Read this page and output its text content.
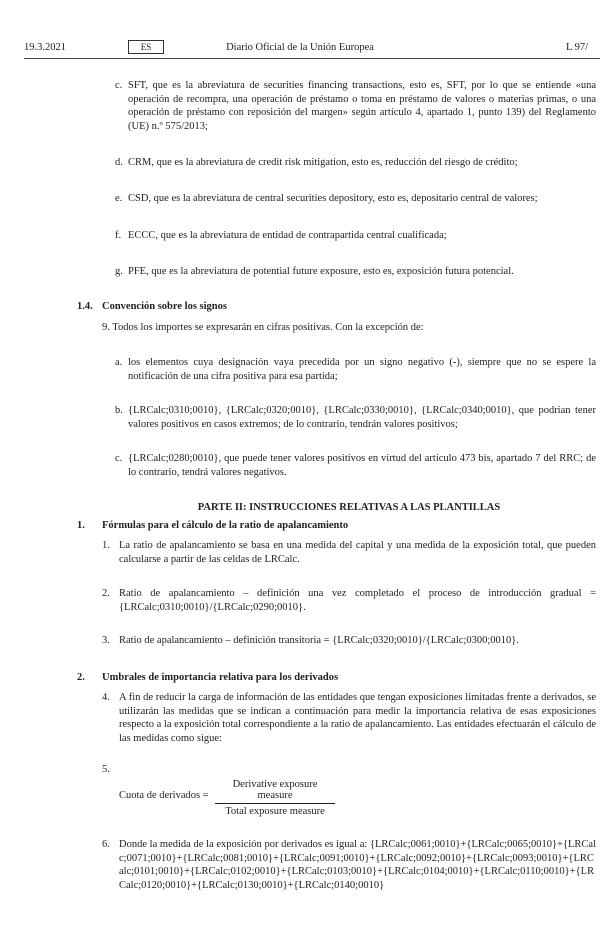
19.3.2021	ES	Diario Oficial de la Unión Europea	L 97/
c. SFT, que es la abreviatura de securities financing transactions, esto es, SFT, por lo que se entiende «una operación de recompra, una operación de préstamo o toma en préstamo de valores o materias primas, o una operación de préstamo con reposición del margen» según artículo 4, apartado 1, punto 139) del Reglamento (UE) n.º 575/2013;
d. CRM, que es la abreviatura de credit risk mitigation, esto es, reducción del riesgo de crédito;
e. CSD, que es la abreviatura de central securities depository, esto es, depositario central de valores;
f. ECCC, que es la abreviatura de entidad de contrapartida central cualificada;
g. PFE, que es la abreviatura de potential future exposure, esto es, exposición futura potencial.
1.4. Convención sobre los signos
9. Todos los importes se expresarán en cifras positivas. Con la excepción de:
a. los elementos cuya designación vaya precedida por un signo negativo (-), siempre que no se espere la notificación de una cifra positiva para esa partida;
b. {LRCalc;0310;0010}, {LRCalc;0320;0010}, {LRCalc;0330;0010}, {LRCalc;0340;0010}, que podrían tener valores positivos en casos extremos; de lo contrario, tendrán valores positivos;
c. {LRCalc;0280;0010}, que puede tener valores positivos en virtud del artículo 473 bis, apartado 7 del RRC; de lo contrario, tendrá valores negativos.
PARTE II: INSTRUCCIONES RELATIVAS A LAS PLANTILLAS
1. Fórmulas para el cálculo de la ratio de apalancamiento
1. La ratio de apalancamiento se basa en una medida del capital y una medida de la exposición total, que pueden calcularse a partir de las celdas de LRCalc.
2. Ratio de apalancamiento – definición una vez completado el proceso de introducción gradual = {LRCalc;0310;0010}/{LRCalc;0290;0010}.
3. Ratio de apalancamiento – definición transitoria = {LRCalc;0320;0010}/{LRCalc;0300;0010}.
2. Umbrales de importancia relativa para los derivados
4. A fin de reducir la carga de información de las entidades que tengan exposiciones limitadas frente a derivados, se utilizarán las medidas que se indican a continuación para medir la importancia relativa de esas exposiciones respecto a la exposición total correspondiente a la ratio de apalancamiento. Las entidades efectuarán el cálculo de las medidas como sigue:
5.
Cuota de derivados =
Derivative exposure measure
Total exposure measure
6. Donde la medida de la exposición por derivados es igual a: {LRCalc;0061;0010}+{LRCalc;0065;0010}+{LRCalc;0071;0010}+{LRCalc;0081;0010}+{LRCalc;0091;0010}+{LRCalc;0092;0010}+{LRCalc;0093;0010}+{LRCalc;0101;0010}+{LRCalc;0102;0010}+{LRCalc;0103;0010}+{LRCalc;0104;0010}+{LRCalc;0110;0010}+{LRCalc;0120;0010}+{LRCalc;0130;0010}+{LRCalc;0140;0010}
